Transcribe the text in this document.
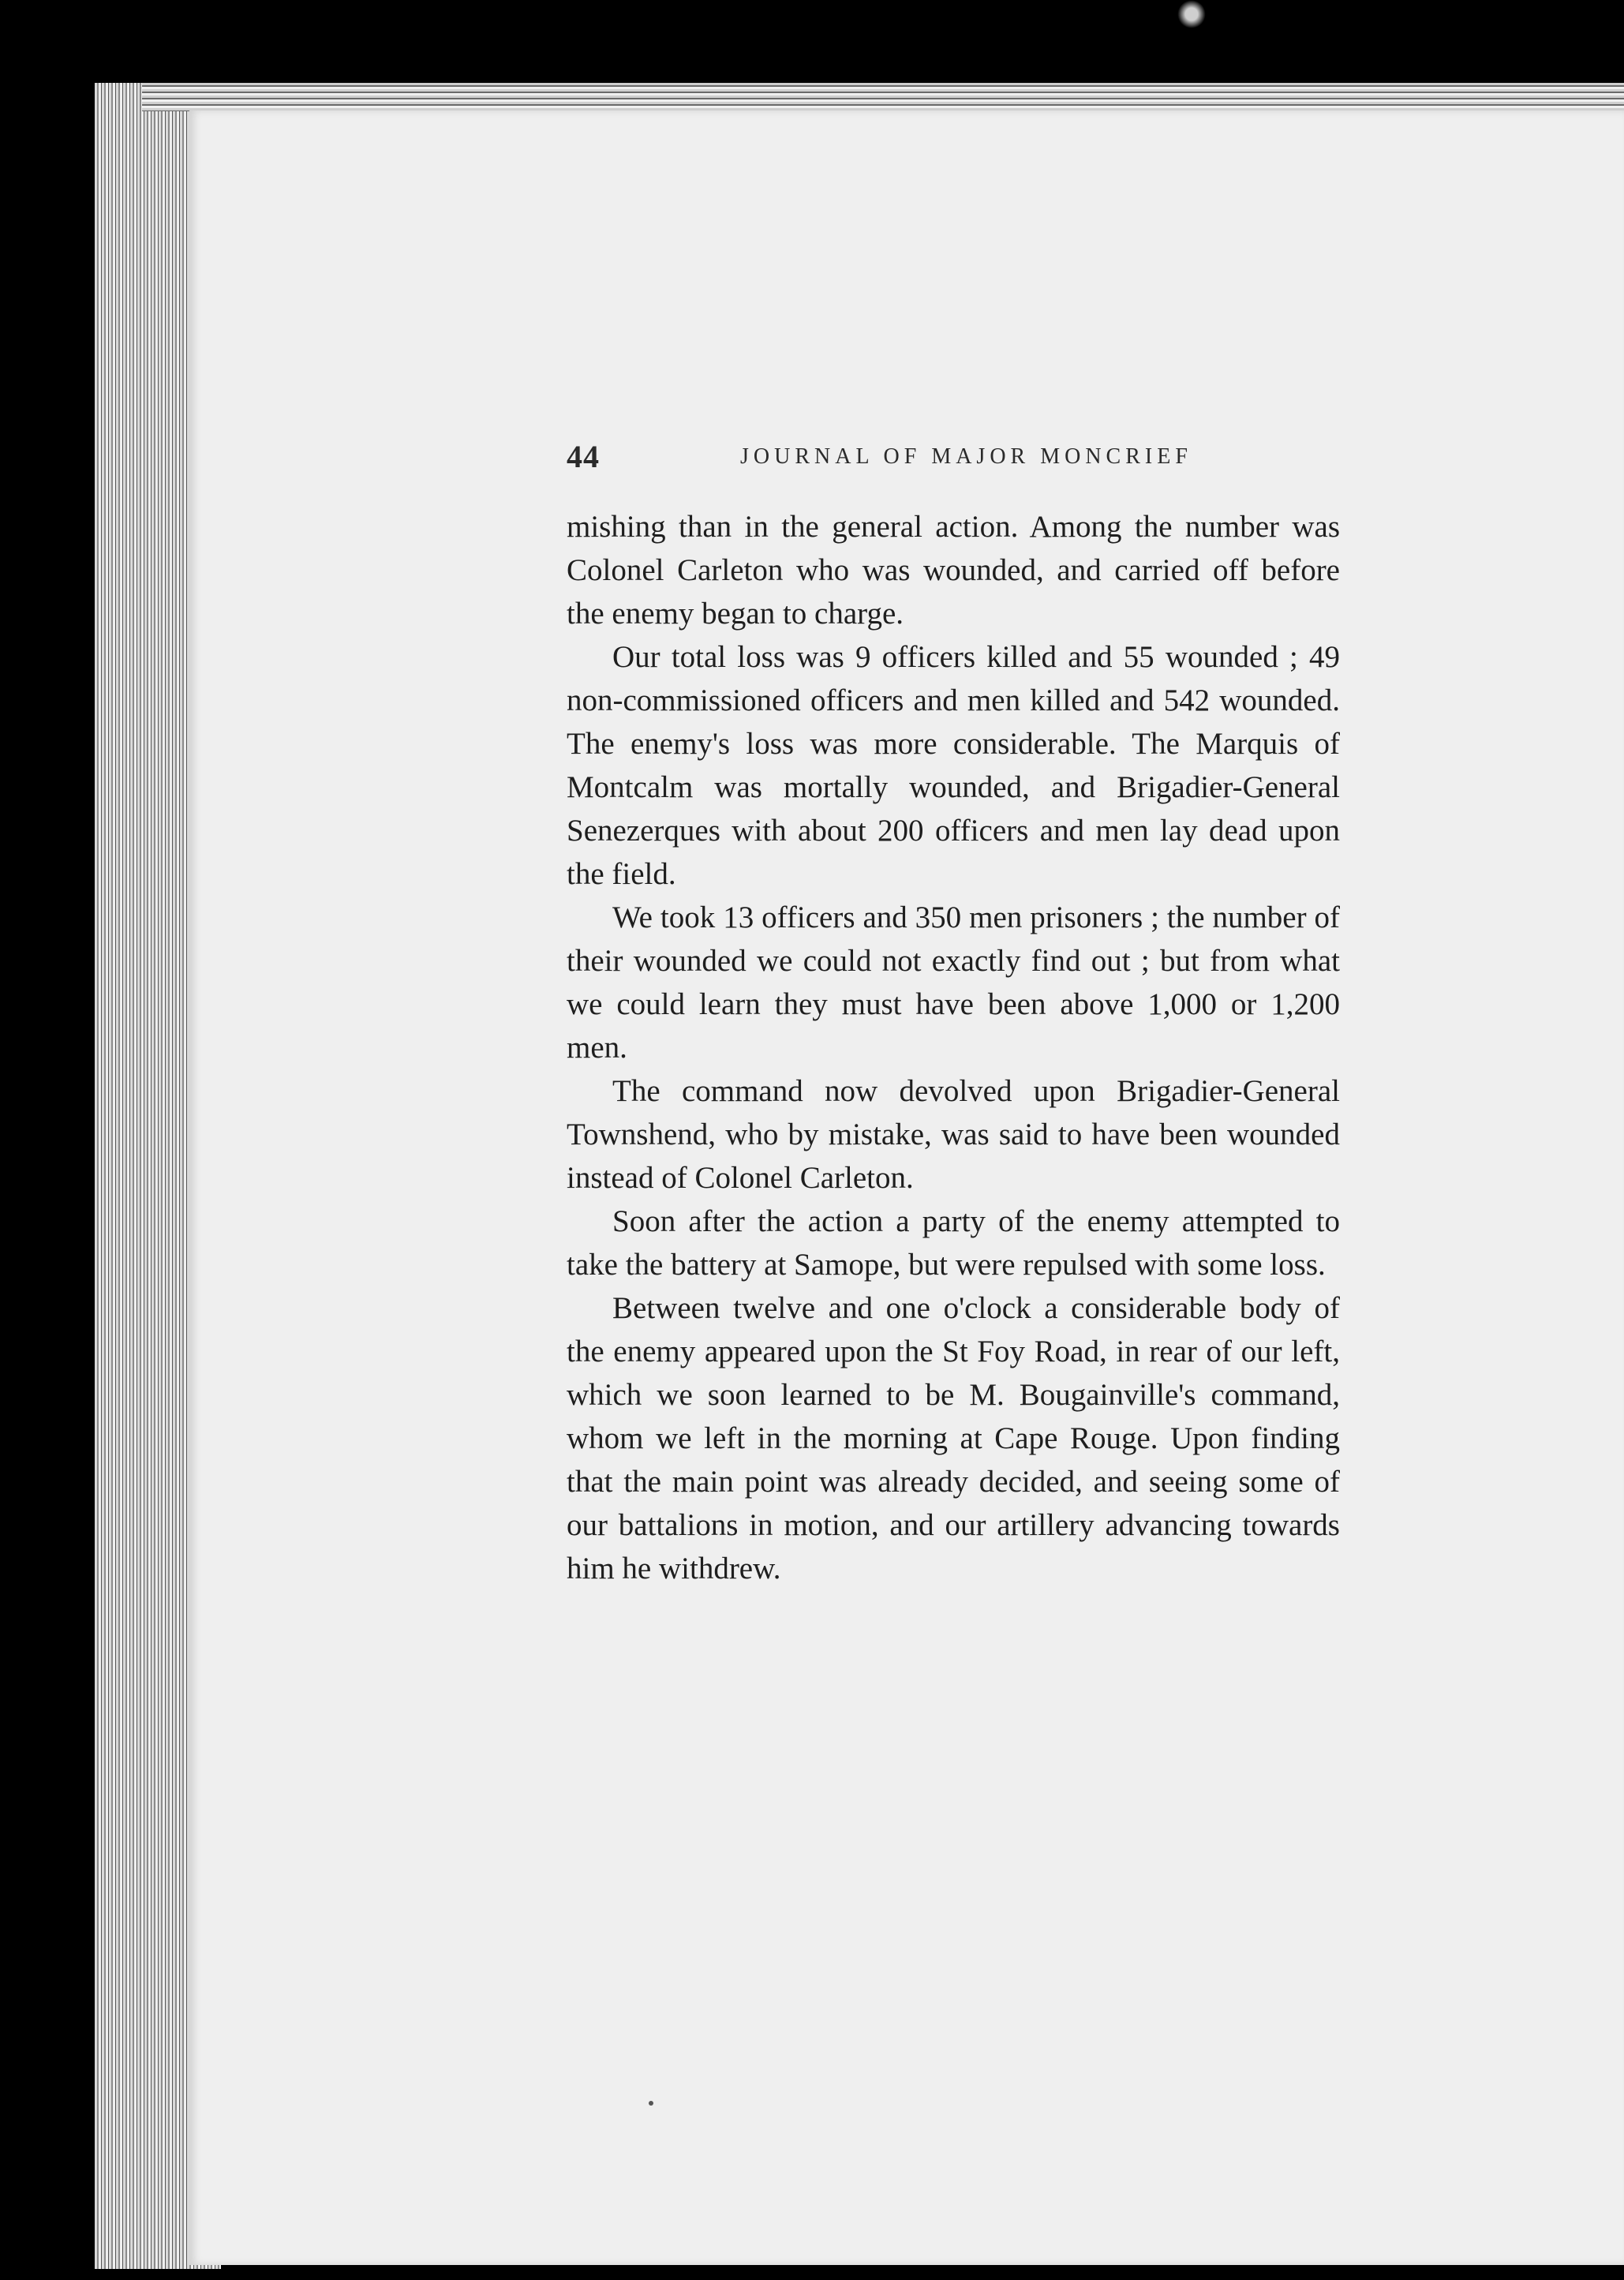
44	JOURNAL OF MAJOR MONCRIEF

mishing than in the general action. Among the number was Colonel Carleton who was wounded, and carried off before the enemy began to charge.

Our total loss was 9 officers killed and 55 wounded ; 49 non-commissioned officers and men killed and 542 wounded. The enemy's loss was more considerable. The Marquis of Montcalm was mortally wounded, and Brigadier-General Senezerques with about 200 officers and men lay dead upon the field.

We took 13 officers and 350 men prisoners ; the number of their wounded we could not exactly find out ; but from what we could learn they must have been above 1,000 or 1,200 men.

The command now devolved upon Brigadier-General Townshend, who by mistake, was said to have been wounded instead of Colonel Carleton.

Soon after the action a party of the enemy attempted to take the battery at Samope, but were repulsed with some loss.

Between twelve and one o'clock a considerable body of the enemy appeared upon the St Foy Road, in rear of our left, which we soon learned to be M. Bougainville's command, whom we left in the morning at Cape Rouge. Upon finding that the main point was already decided, and seeing some of our battalions in motion, and our artillery advancing towards him he withdrew.
